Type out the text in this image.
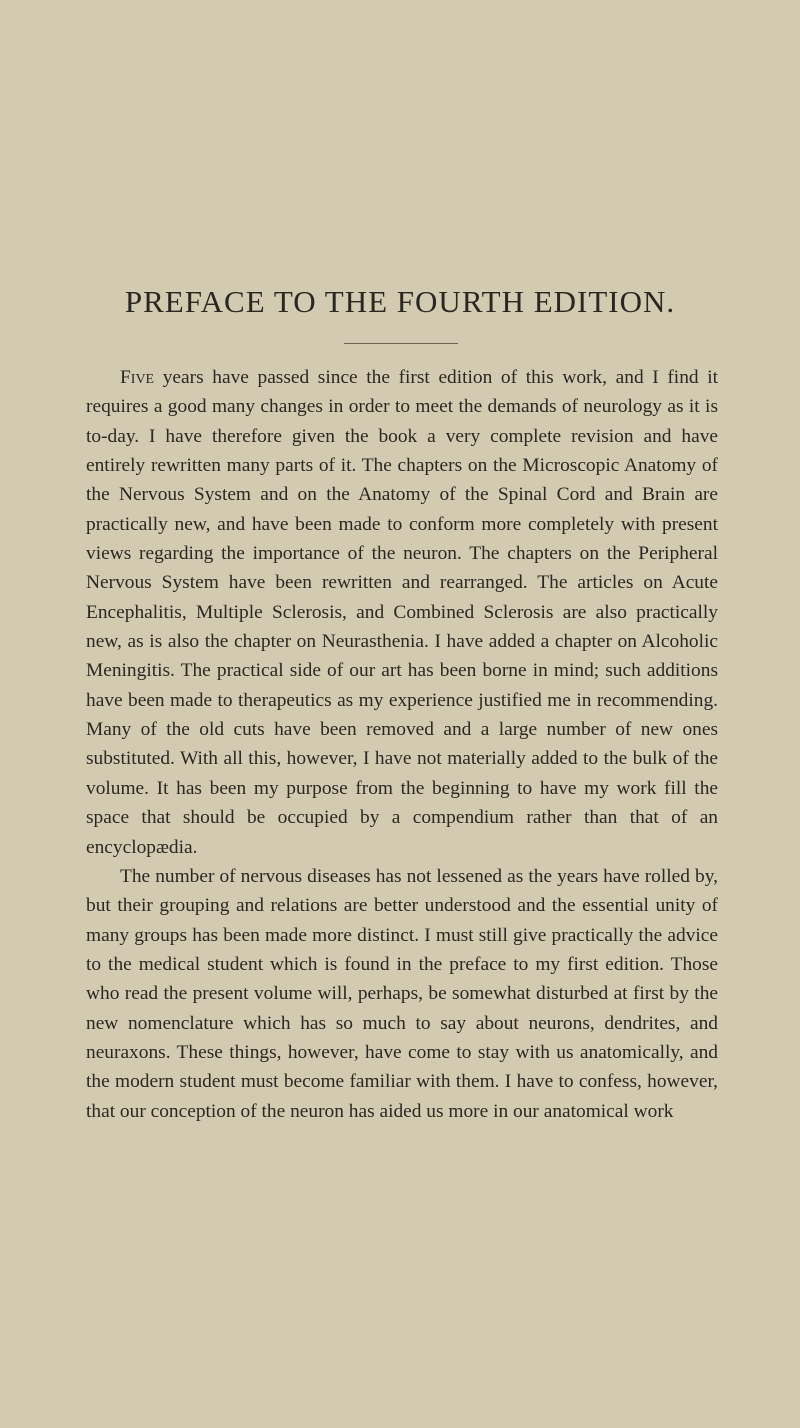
PREFACE TO THE FOURTH EDITION.

Five years have passed since the first edition of this work, and I find it requires a good many changes in order to meet the demands of neurology as it is to-day. I have therefore given the book a very complete revision and have entirely rewritten many parts of it. The chapters on the Microscopic Anatomy of the Nervous System and on the Anatomy of the Spinal Cord and Brain are practically new, and have been made to conform more completely with present views regarding the importance of the neuron. The chapters on the Peripheral Nervous System have been rewritten and rearranged. The articles on Acute Encephalitis, Multiple Sclerosis, and Combined Sclerosis are also practically new, as is also the chapter on Neurasthenia. I have added a chapter on Alcoholic Meningitis. The practical side of our art has been borne in mind; such additions have been made to therapeutics as my experience justified me in recommending. Many of the old cuts have been removed and a large number of new ones substituted. With all this, however, I have not materially added to the bulk of the volume. It has been my purpose from the beginning to have my work fill the space that should be occupied by a compendium rather than that of an encyclopædia.

The number of nervous diseases has not lessened as the years have rolled by, but their grouping and relations are better understood and the essential unity of many groups has been made more distinct. I must still give practically the advice to the medical student which is found in the preface to my first edition. Those who read the present volume will, perhaps, be somewhat disturbed at first by the new nomenclature which has so much to say about neurons, dendrites, and neuraxons. These things, however, have come to stay with us anatomically, and the modern student must become familiar with them. I have to confess, however, that our conception of the neuron has aided us more in our anatomical work
